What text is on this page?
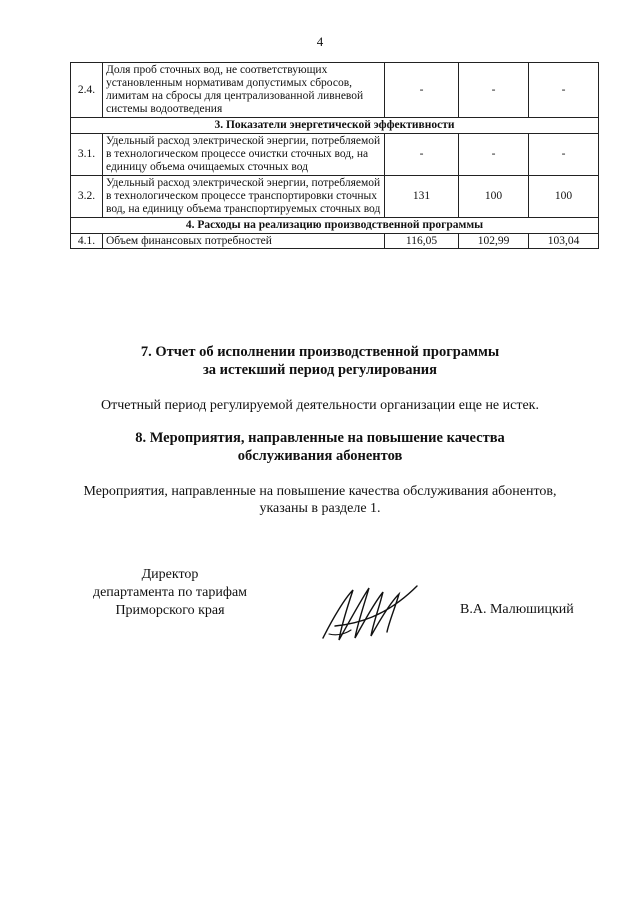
4
2.4.	Доля проб сточных вод, не соответствующих установленным нормативам допустимых сбросов, лимитам на сбросы для централизованной ливневой системы водоотведения	-	-	-
3. Показатели энергетической эффективности				
3.1.	Удельный расход электрической энергии, потребляемой в технологическом процессе очистки сточных вод, на единицу объема очищаемых сточных вод	-	-	-
3.2.	Удельный расход электрической энергии, потребляемой в технологическом процессе транспортировки сточных вод, на единицу объема транспортируемых сточных вод	131	100	100
4. Расходы на реализацию производственной программы				
4.1.	Объем финансовых потребностей	116,05	102,99	103,04
7. Отчет об исполнении производственной программы
за истекший период регулирования
Отчетный период регулируемой деятельности организации еще не истек.
8. Мероприятия, направленные на повышение качества
обслуживания абонентов
Мероприятия, направленные на повышение качества обслуживания абонентов,
указаны в разделе 1.
Директор
департамента по тарифам
Приморского края	В.А. Малюшицкий
